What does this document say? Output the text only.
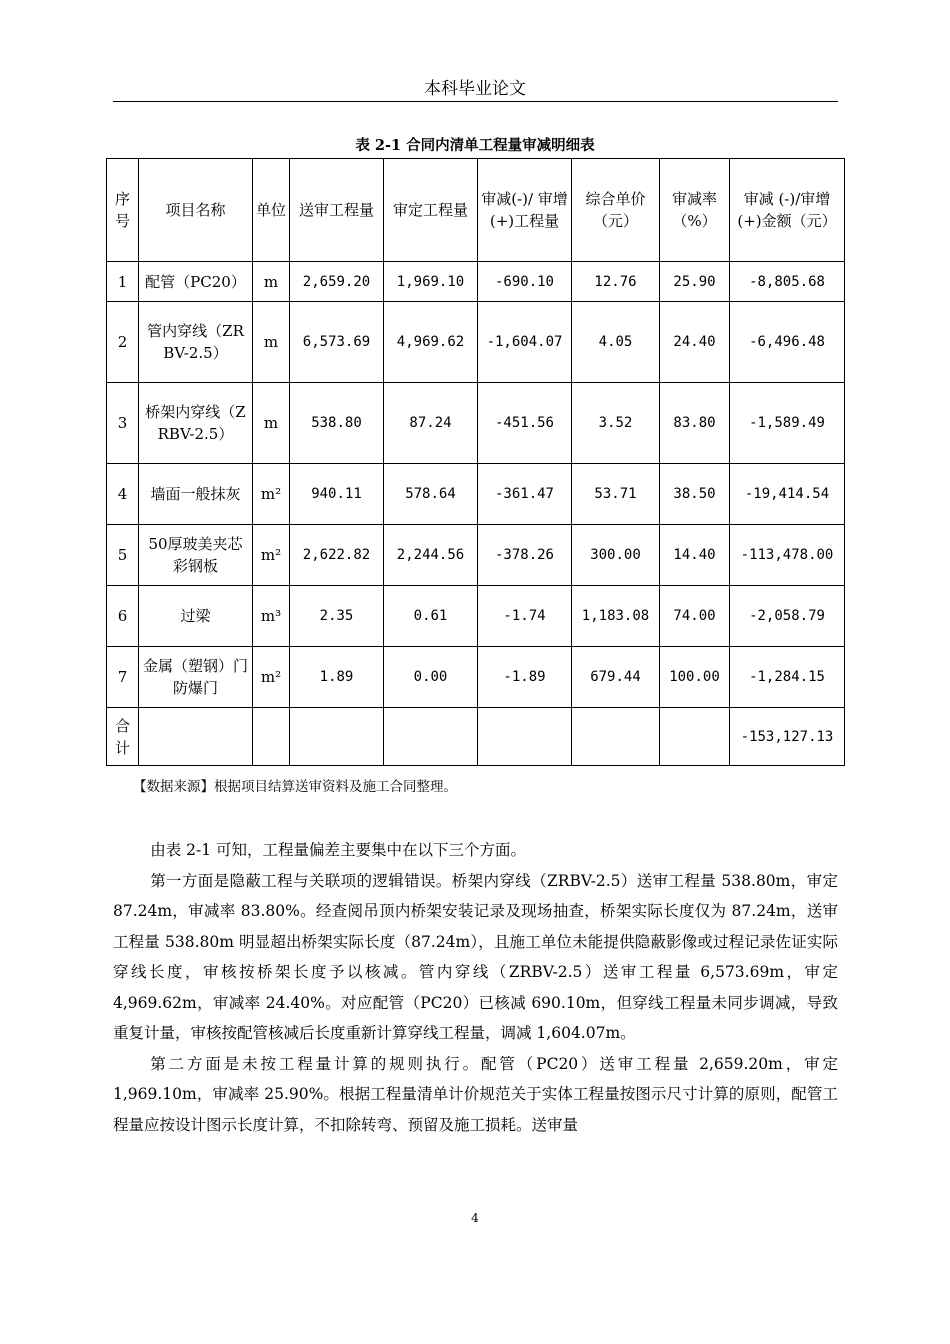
本科毕业论文
表 2-1 合同内清单工程量审减明细表
序号	项目名称	单位	送审工程量	审定工程量	审减(-)/ 审增 (+)工程量	综合单价（元）	审减率（%）	审减 (-)/审增 (+)金额（元）
1	配管（PC20）	m	2,659.20	1,969.10	-690.10	12.76	25.90	-8,805.68
2	管内穿线（ZRBV-2.5）	m	6,573.69	4,969.62	-1,604.07	4.05	24.40	-6,496.48
3	桥架内穿线（ZRBV-2.5）	m	538.80	87.24	-451.56	3.52	83.80	-1,589.49
4	墙面一般抹灰	m²	940.11	578.64	-361.47	53.71	38.50	-19,414.54
5	50厚玻美夹芯彩钢板	m²	2,622.82	2,244.56	-378.26	300.00	14.40	-113,478.00
6	过梁	m³	2.35	0.61	-1.74	1,183.08	74.00	-2,058.79
7	金属（塑钢）门防爆门	m²	1.89	0.00	-1.89	679.44	100.00	-1,284.15
合计								-153,127.13
【数据来源】根据项目结算送审资料及施工合同整理。

由表 2-1 可知，工程量偏差主要集中在以下三个方面。

第一方面是隐蔽工程与关联项的逻辑错误。桥架内穿线（ZRBV-2.5）送审工程量 538.80m，审定 87.24m，审减率 83.80%。经查阅吊顶内桥架安装记录及现场抽查，桥架实际长度仅为 87.24m，送审工程量 538.80m 明显超出桥架实际长度（87.24m），且施工单位未能提供隐蔽影像或过程记录佐证实际穿线长度，审核按桥架长度予以核减。管内穿线（ZRBV-2.5）送审工程量 6,573.69m，审定 4,969.62m，审减率 24.40%。对应配管（PC20）已核减 690.10m，但穿线工程量未同步调减，导致重复计量，审核按配管核减后长度重新计算穿线工程量，调减 1,604.07m。

第二方面是未按工程量计算的规则执行。配管（PC20）送审工程量 2,659.20m，审定 1,969.10m，审减率 25.90%。根据工程量清单计价规范关于实体工程量按图示尺寸计算的原则，配管工程量应按设计图示长度计算，不扣除转弯、预留及施工损耗。送审量

4
